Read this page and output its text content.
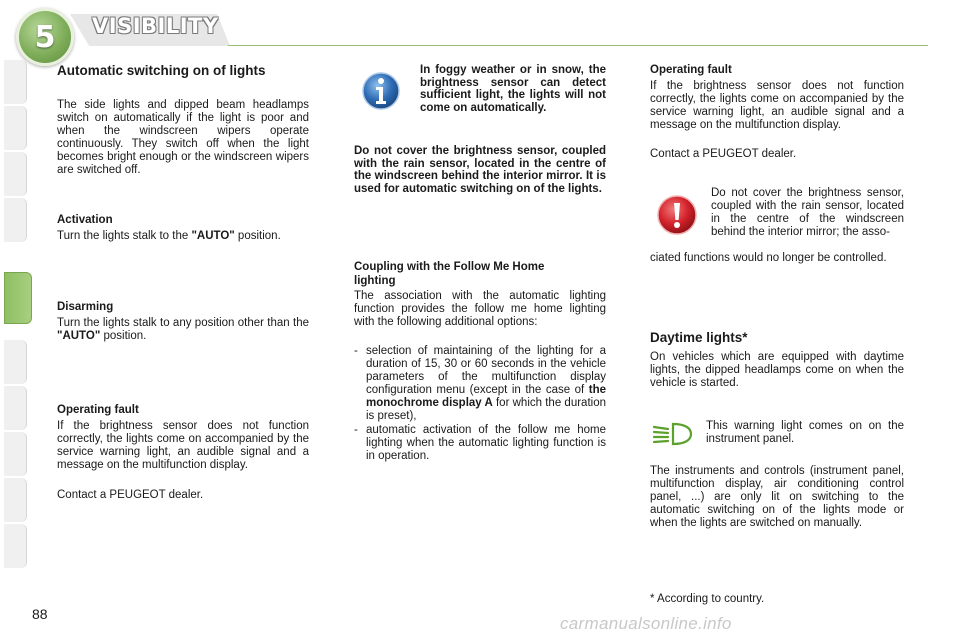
5 VISIBILITY
Automatic switching on of lights

The side lights and dipped beam headlamps switch on automatically if the light is poor and when the windscreen wipers operate continuously. They switch off when the light becomes bright enough or the windscreen wipers are switched off.

Activation

Turn the lights stalk to the "AUTO" position.

Disarming

Turn the lights stalk to any position other than the "AUTO" position.

Operating fault

If the brightness sensor does not function correctly, the lights come on accompanied by the service warning light, an audible signal and a message on the multifunction display.

Contact a PEUGEOT dealer.

In foggy weather or in snow, the brightness sensor can detect sufficient light, the lights will not come on automatically.

Do not cover the brightness sensor, coupled with the rain sensor, located in the centre of the windscreen behind the interior mirror. It is used for automatic switching on of the lights.

Coupling with the Follow Me Home lighting

The association with the automatic lighting function provides the follow me home lighting with the following additional options:

- selection of maintaining of the lighting for a duration of 15, 30 or 60 seconds in the vehicle parameters of the multifunction display configuration menu (except in the case of the monochrome display A for which the duration is preset),

- automatic activation of the follow me home lighting when the automatic lighting function is in operation.

Operating fault

If the brightness sensor does not function correctly, the lights come on accompanied by the service warning light, an audible signal and a message on the multifunction display.

Contact a PEUGEOT dealer.

Do not cover the brightness sensor, coupled with the rain sensor, located in the centre of the windscreen behind the interior mirror; the asso-

ciated functions would no longer be controlled.

Daytime lights*

On vehicles which are equipped with daytime lights, the dipped headlamps come on when the vehicle is started.

This warning light comes on on the instrument panel.

The instruments and controls (instrument panel, multifunction display, air conditioning control panel, ...) are only lit on switching to the automatic switching on of the lights mode or when the lights are switched on manually.

* According to country.

88	carmanualsonline.info
